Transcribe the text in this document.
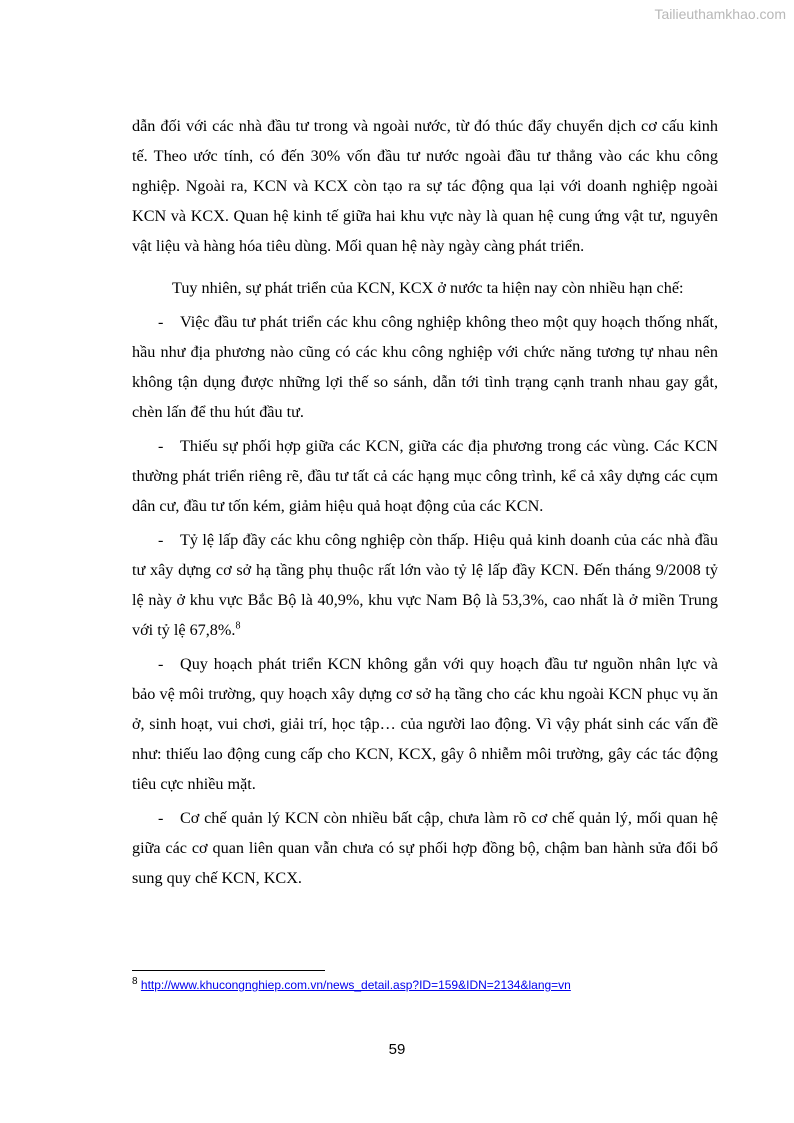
Tailieuthamkhao.com

dẫn đối với các nhà đầu tư trong và ngoài nước, từ đó thúc đẩy chuyển dịch cơ cấu kinh tế. Theo ước tính, có đến 30% vốn đầu tư nước ngoài đầu tư thẳng vào các khu công nghiệp. Ngoài ra, KCN và KCX còn tạo ra sự tác động qua lại với doanh nghiệp ngoài KCN và KCX. Quan hệ kinh tế giữa hai khu vực này là quan hệ cung ứng vật tư, nguyên vật liệu và hàng hóa tiêu dùng. Mối quan hệ này ngày càng phát triển.

Tuy nhiên, sự phát triển của KCN, KCX ở nước ta hiện nay còn nhiều hạn chế:

- Việc đầu tư phát triển các khu công nghiệp không theo một quy hoạch thống nhất, hầu như địa phương nào cũng có các khu công nghiệp với chức năng tương tự nhau nên không tận dụng được những lợi thế so sánh, dẫn tới tình trạng cạnh tranh nhau gay gắt, chèn lấn để thu hút đầu tư.

- Thiếu sự phối hợp giữa các KCN, giữa các địa phương trong các vùng. Các KCN thường phát triển riêng rẽ, đầu tư tất cả các hạng mục công trình, kể cả xây dựng các cụm dân cư, đầu tư tốn kém, giảm hiệu quả hoạt động của các KCN.

- Tỷ lệ lấp đầy các khu công nghiệp còn thấp. Hiệu quả kinh doanh của các nhà đầu tư xây dựng cơ sở hạ tầng phụ thuộc rất lớn vào tỷ lệ lấp đầy KCN. Đến tháng 9/2008 tỷ lệ này ở khu vực Bắc Bộ là 40,9%, khu vực Nam Bộ là 53,3%, cao nhất là ở miền Trung với tỷ lệ 67,8%.$^8$

- Quy hoạch phát triển KCN không gắn với quy hoạch đầu tư nguồn nhân lực và bảo vệ môi trường, quy hoạch xây dựng cơ sở hạ tầng cho các khu ngoài KCN phục vụ ăn ở, sinh hoạt, vui chơi, giải trí, học tập… của người lao động. Vì vậy phát sinh các vấn đề như: thiếu lao động cung cấp cho KCN, KCX, gây ô nhiễm môi trường, gây các tác động tiêu cực nhiều mặt.

- Cơ chế quản lý KCN còn nhiều bất cập, chưa làm rõ cơ chế quản lý, mối quan hệ giữa các cơ quan liên quan vẫn chưa có sự phối hợp đồng bộ, chậm ban hành sửa đổi bổ sung quy chế KCN, KCX.

$^8$ http://www.khucongnghiep.com.vn/news_detail.asp?ID=159&IDN=2134&lang=vn
59
